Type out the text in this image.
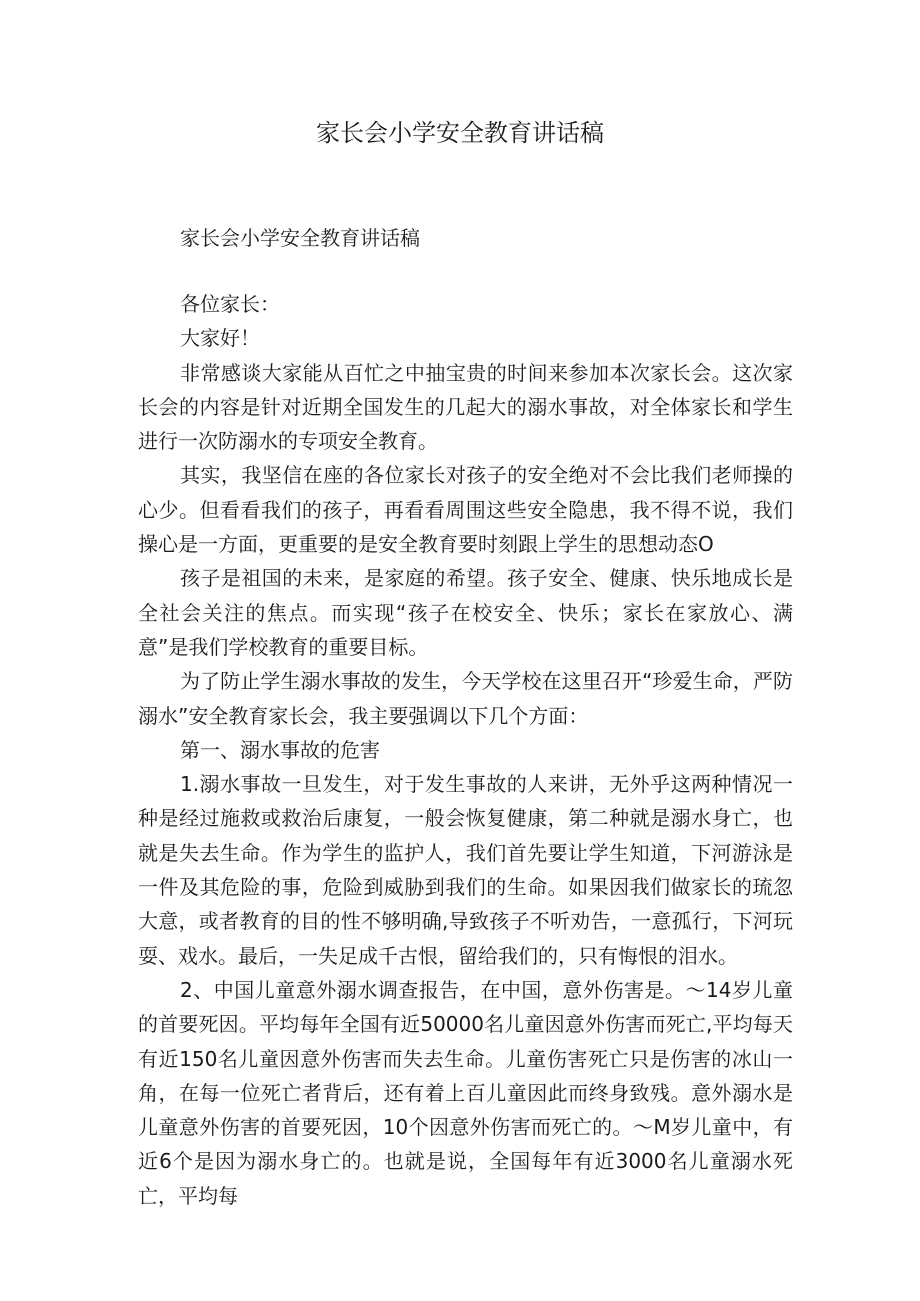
家长会小学安全教育讲话稿
家长会小学安全教育讲话稿

各位家长：

大家好！

非常感谈大家能从百忙之中抽宝贵的时间来参加本次家长会。这次家长会的内容是针对近期全国发生的几起大的溺水事故，对全体家长和学生进行一次防溺水的专项安全教育。

其实，我坚信在座的各位家长对孩子的安全绝对不会比我们老师操的心少。但看看我们的孩子，再看看周围这些安全隐患，我不得不说，我们操心是一方面，更重要的是安全教育要时刻跟上学生的思想动态O

孩子是祖国的未来，是家庭的希望。孩子安全、健康、快乐地成长是全社会关注的焦点。而实现“孩子在校安全、快乐；家长在家放心、满意”是我们学校教育的重要目标。

为了防止学生溺水事故的发生，今天学校在这里召开“珍爱生命，严防溺水”安全教育家长会，我主要强调以下几个方面：

第一、溺水事故的危害

1.溺水事故一旦发生，对于发生事故的人来讲，无外乎这两种情况一种是经过施救或救治后康复，一般会恢复健康，第二种就是溺水身亡，也就是失去生命。作为学生的监护人，我们首先要让学生知道，下河游泳是一件及其危险的事，危险到威胁到我们的生命。如果因我们做家长的琉忽大意，或者教育的目的性不够明确,导致孩子不听劝告，一意孤行，下河玩耍、戏水。最后，一失足成千古恨，留给我们的，只有悔恨的泪水。

2、中国儿童意外溺水调查报告，在中国，意外伤害是。〜14岁儿童的首要死因。平均每年全国有近50000名儿童因意外伤害而死亡,平均每天有近150名儿童因意外伤害而失去生命。儿童伤害死亡只是伤害的冰山一角，在每一位死亡者背后，还有着上百儿童因此而终身致残。意外溺水是儿童意外伤害的首要死因，10个因意外伤害而死亡的。〜M岁儿童中，有近6个是因为溺水身亡的。也就是说，全国每年有近3000名儿童溺水死亡，平均每
